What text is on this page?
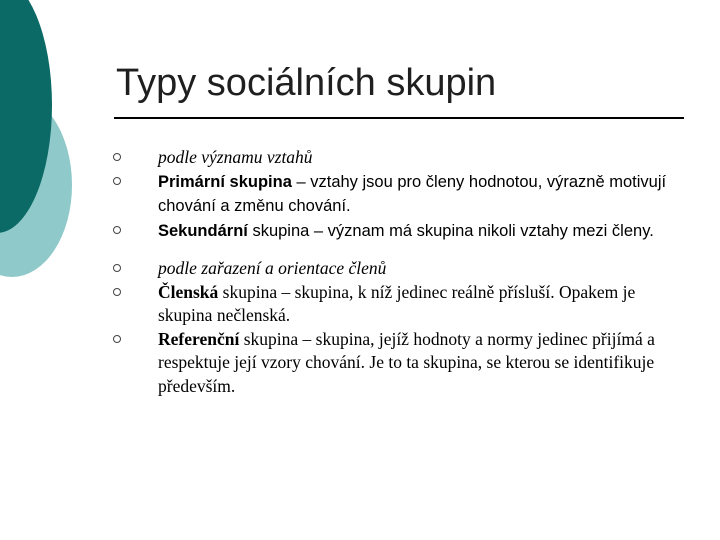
Typy sociálních skupin
podle významu vztahů
Primární skupina – vztahy jsou pro členy hodnotou, výrazně motivují chování a změnu chování.
Sekundární skupina – význam má skupina nikoli vztahy mezi členy.
podle zařazení a orientace členů
Členská skupina – skupina, k níž jedinec reálně přísluší. Opakem je skupina nečlenská.
Referenční skupina – skupina, jejíž hodnoty a normy jedinec přijímá a respektuje její vzory chování. Je to ta skupina, se kterou se identifikuje především.
